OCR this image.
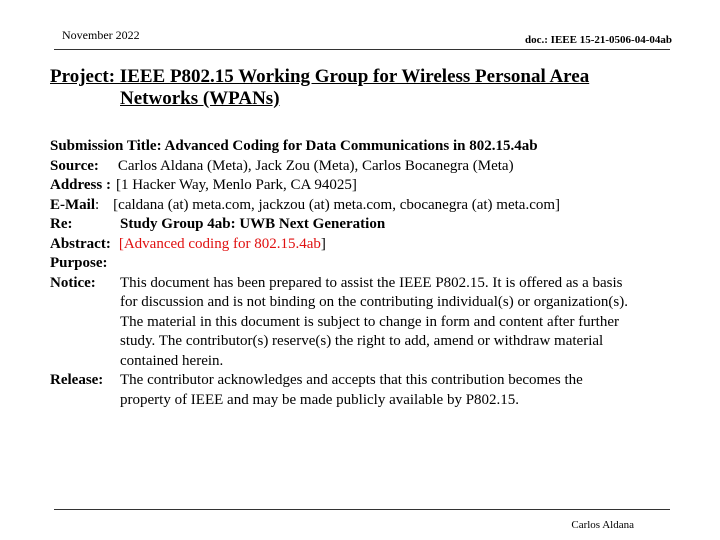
November 2022	doc.: IEEE 15-21-0506-04-04ab
Project: IEEE P802.15 Working Group for Wireless Personal Area
Networks (WPANs)
Submission Title: Advanced Coding for Data Communications in 802.15.4ab
Source: Carlos Aldana (Meta), Jack Zou (Meta), Carlos Bocanegra (Meta)
Address : [1 Hacker Way, Menlo Park, CA 94025]
E-Mail: [caldana (at) meta.com, jackzou (at) meta.com, cbocanegra (at) meta.com]
Re:	Study Group 4ab: UWB Next Generation
Abstract: [Advanced coding for 802.15.4ab]
Purpose:
Notice:	This document has been prepared to assist the IEEE P802.15. It is offered as a basis
for discussion and is not binding on the contributing individual(s) or organization(s).
The material in this document is subject to change in form and content after further
study. The contributor(s) reserve(s) the right to add, amend or withdraw material
contained herein.
Release:	The contributor acknowledges and accepts that this contribution becomes the
property of IEEE and may be made publicly available by P802.15.
Carlos Aldana
